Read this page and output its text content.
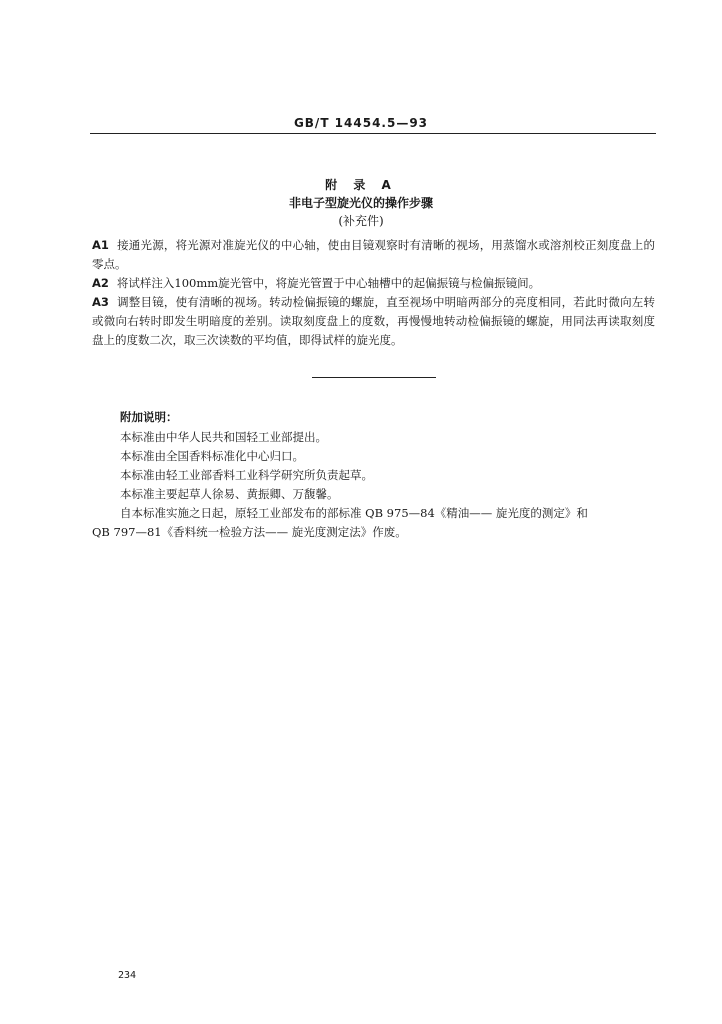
GB/T 14454.5—93
附 录 A
非电子型旋光仪的操作步骤
(补充件)
A1 接通光源，将光源对准旋光仪的中心轴，使由目镜观察时有清晰的视场，用蒸馏水或溶剂校正刻度盘上的零点。
A2 将试样注入100mm旋光管中，将旋光管置于中心轴槽中的起偏振镜与检偏振镜间。
A3 调整目镜，使有清晰的视场。转动检偏振镜的螺旋，直至视场中明暗两部分的亮度相同，若此时微向左转或微向右转时即发生明暗度的差别。读取刻度盘上的度数，再慢慢地转动检偏振镜的螺旋，用同法再读取刻度盘上的度数二次，取三次读数的平均值，即得试样的旋光度。
附加说明：
本标准由中华人民共和国轻工业部提出。
本标准由全国香料标准化中心归口。
本标准由轻工业部香料工业科学研究所负责起草。
本标准主要起草人徐易、黄振卿、万馥馨。
自本标准实施之日起，原轻工业部发布的部标准 QB 975—84《精油—— 旋光度的测定》和
QB 797—81《香料统一检验方法—— 旋光度测定法》作废。
234
